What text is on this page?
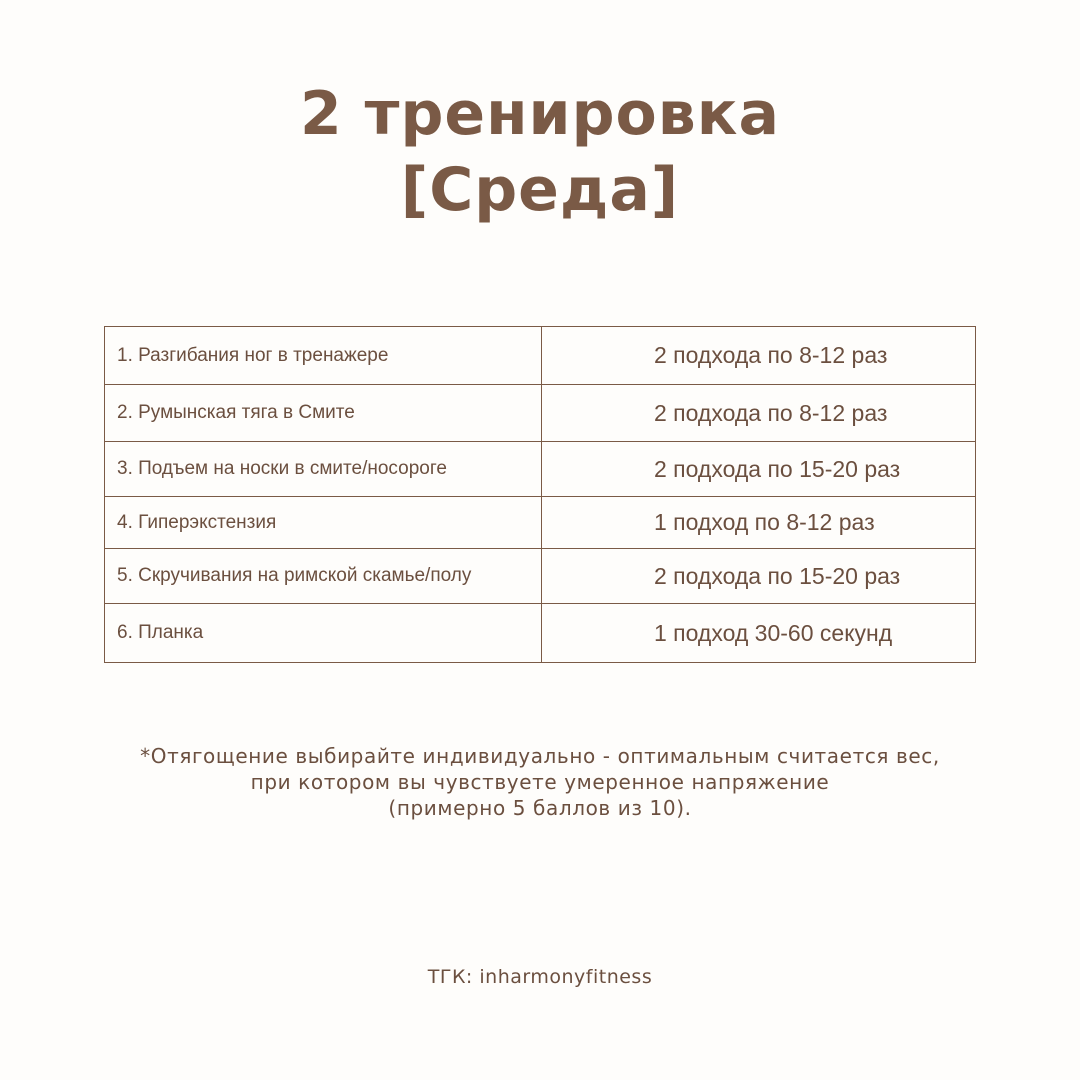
2 тренировка
[Среда]
1. Разгибания ног в тренажере	2 подхода по 8-12 раз
2. Румынская тяга в Смите	2 подхода по 8-12 раз
3. Подъем на носки в смите/носороге	2 подхода по 15-20 раз
4. Гиперэкстензия	1 подход по 8-12 раз
5. Скручивания на римской скамье/полу	2 подхода по 15-20 раз
6. Планка	1 подход 30-60 секунд
*Отягощение выбирайте индивидуально - оптимальным считается вес,
при котором вы чувствуете умеренное напряжение
(примерно 5 баллов из 10).
ТГК: inharmonyfitness
